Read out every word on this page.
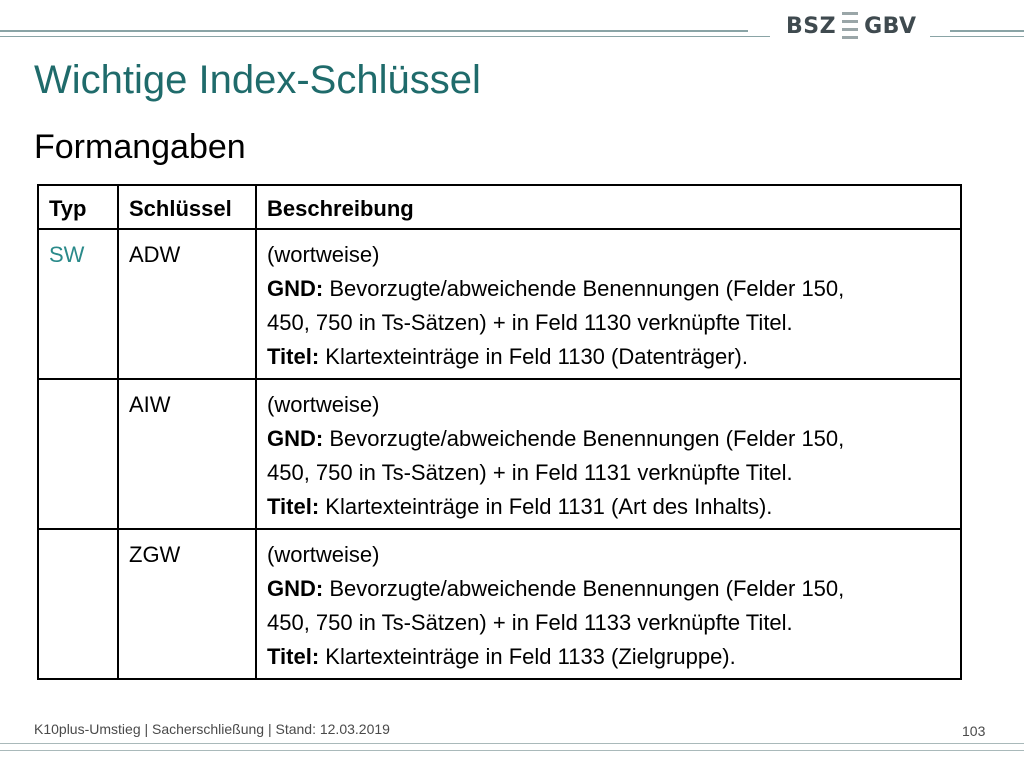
BSZ GBV
Wichtige Index-Schlüssel
Formangaben
Typ	Schlüssel	Beschreibung
SW	ADW	(wortweise)
GND: Bevorzugte/abweichende Benennungen (Felder 150,
450, 750 in Ts-Sätzen) + in Feld 1130 verknüpfte Titel.
Titel: Klartexteinträge in Feld 1130 (Datenträger).

	AIW	(wortweise)
GND: Bevorzugte/abweichende Benennungen (Felder 150,
450, 750 in Ts-Sätzen) + in Feld 1131 verknüpfte Titel.
Titel: Klartexteinträge in Feld 1131 (Art des Inhalts).

	ZGW	(wortweise)
GND: Bevorzugte/abweichende Benennungen (Felder 150,
450, 750 in Ts-Sätzen) + in Feld 1133 verknüpfte Titel.
Titel: Klartexteinträge in Feld 1133 (Zielgruppe).
K10plus-Umstieg | Sacherschließung | Stand: 12.03.2019	103
